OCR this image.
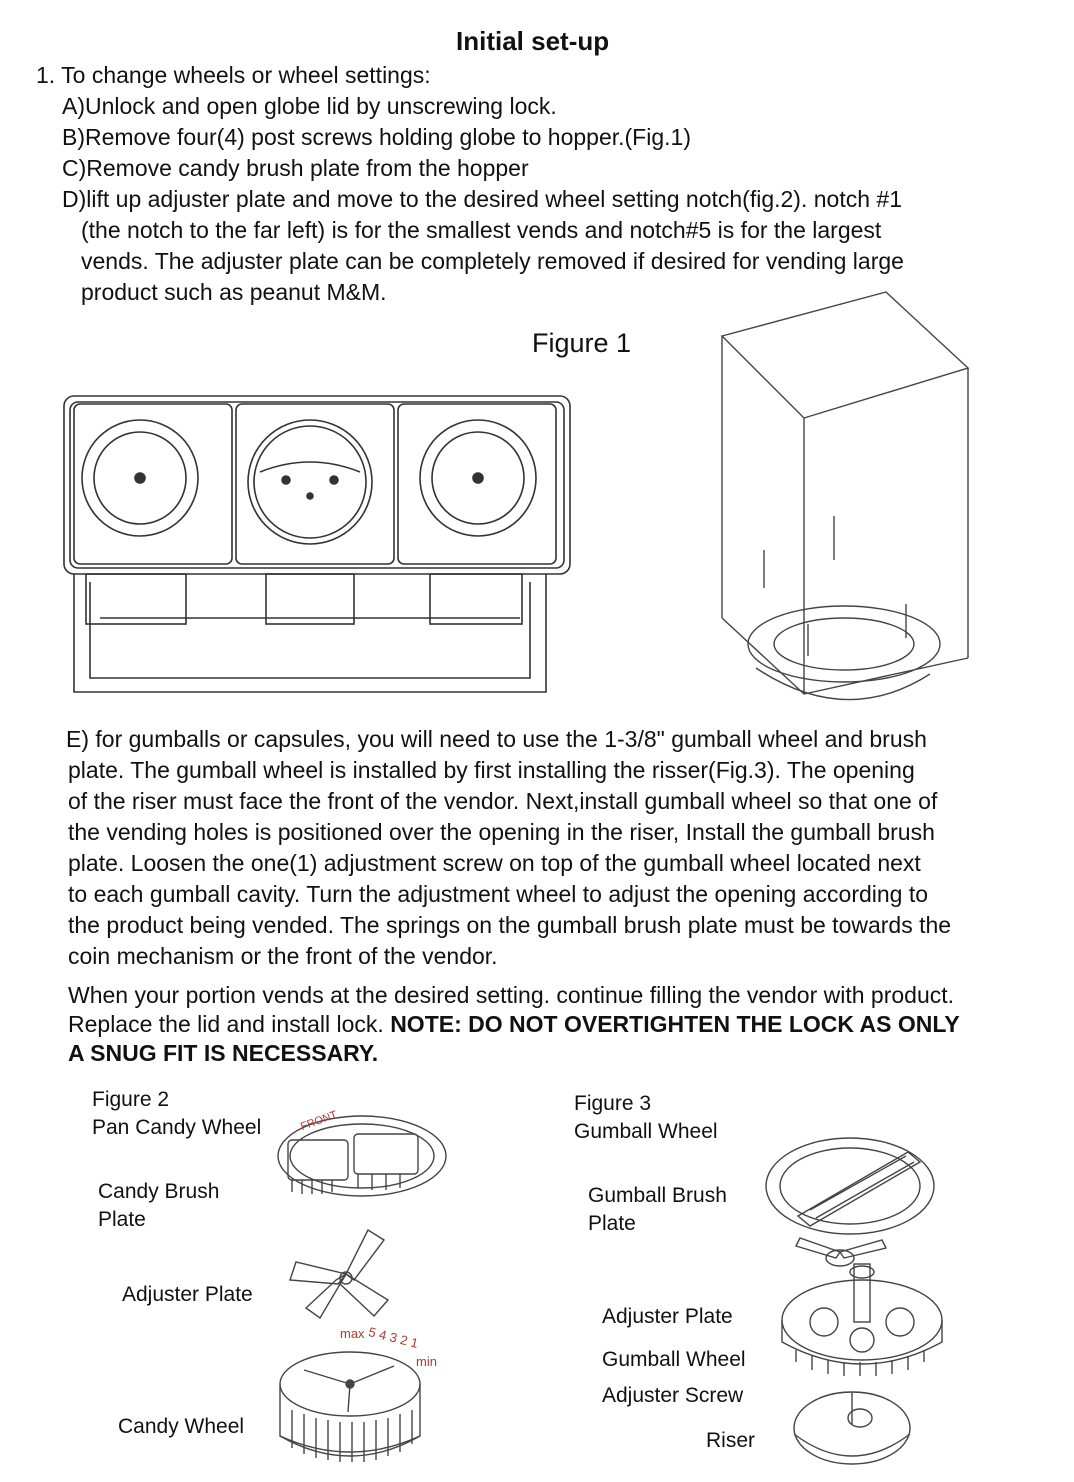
Initial set-up
1. To change wheels or wheel settings:
A)Unlock and open globe lid by unscrewing lock.
B)Remove four(4) post screws holding globe to hopper.(Fig.1)
C)Remove candy brush plate from the hopper
D)lift up adjuster plate and move to the desired wheel setting notch(fig.2). notch #1
(the notch to the far left) is for the smallest vends and notch#5 is for the largest
vends. The adjuster plate can be completely removed if desired for vending large
product such as peanut M&M.
Figure 1
E) for gumballs or capsules, you will need to use the 1-3/8" gumball wheel and brush
plate. The gumball wheel is installed by first installing the risser(Fig.3). The opening
of the riser must face the front of the vendor. Next,install gumball wheel so that one of
the vending holes is positioned over the opening in the riser, Install the gumball brush
plate. Loosen the one(1) adjustment screw on top of the gumball wheel located next
to each gumball cavity. Turn the adjustment wheel to adjust the opening according to
the product being vended. The springs on the gumball brush plate must be towards the
coin mechanism or the front of the vendor.
When your portion vends at the desired setting. continue filling the vendor with product.
Replace the lid and install lock. NOTE: DO NOT OVERTIGHTEN THE LOCK AS ONLY
A SNUG FIT IS NECESSARY.
Figure 2
Pan Candy Wheel
Candy Brush
Plate
Adjuster Plate
Candy Wheel
FRONT
max 5 4 3 2 1
min
Figure 3
Gumball Wheel
Gumball Brush
Plate
Adjuster Plate
Gumball Wheel
Adjuster Screw
Riser
